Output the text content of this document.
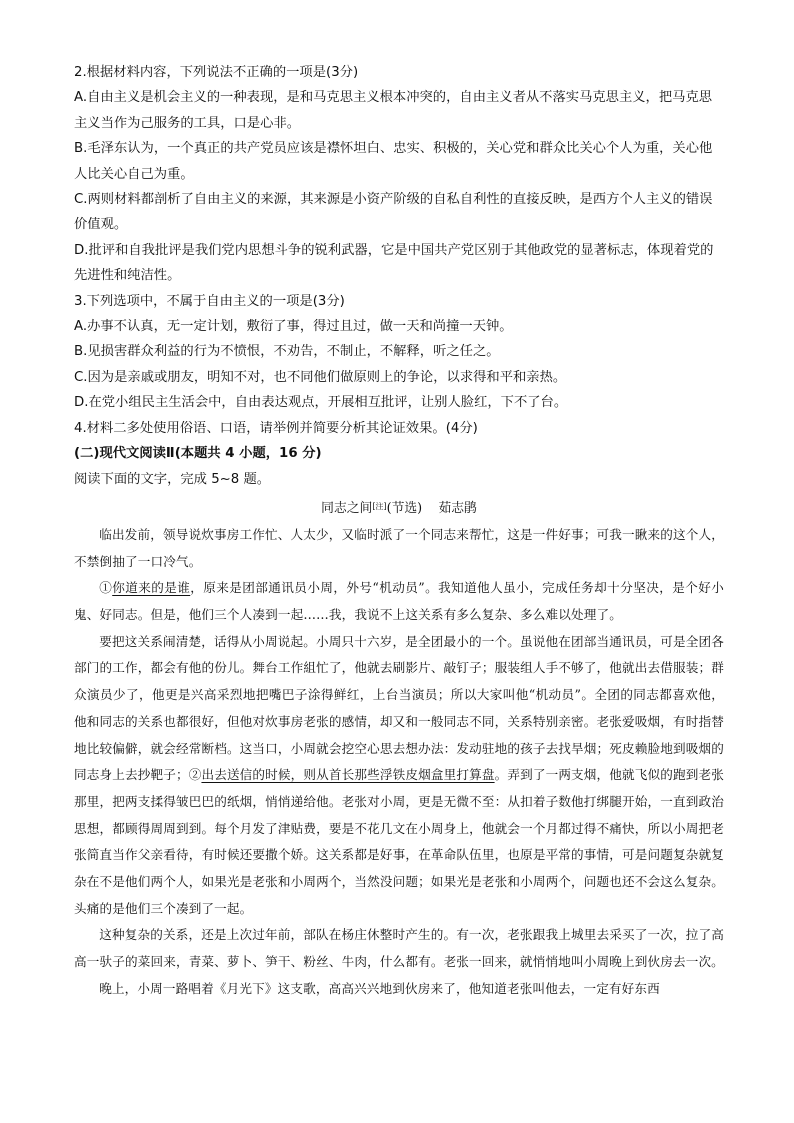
2.根据材料内容，下列说法不正确的一项是(3分)

A.自由主义是机会主义的一种表现，是和马克思主义根本冲突的，自由主义者从不落实马克思主义，把马克思主义当作为己服务的工具，口是心非。

B.毛泽东认为，一个真正的共产党员应该是襟怀坦白、忠实、积极的，关心党和群众比关心个人为重，关心他人比关心自己为重。

C.两则材料都剖析了自由主义的来源，其来源是小资产阶级的自私自利性的直接反映，是西方个人主义的错误价值观。

D.批评和自我批评是我们党内思想斗争的锐利武器，它是中国共产党区别于其他政党的显著标志，体现着党的先进性和纯洁性。

3.下列选项中，不属于自由主义的一项是(3分)

A.办事不认真，无一定计划，敷衍了事，得过且过，做一天和尚撞一天钟。

B.见损害群众利益的行为不愤恨，不劝告，不制止，不解释，听之任之。

C.因为是亲戚或朋友，明知不对，也不同他们做原则上的争论，以求得和平和亲热。

D.在党小组民主生活会中，自由表达观点，开展相互批评，让别人脸红，下不了台。

4.材料二多处使用俗语、口语，请举例并简要分析其论证效果。(4分)

(二)现代文阅读Ⅱ(本题共 4 小题，16 分)

阅读下面的文字，完成 5~8 题。

同志之间[注](节选) 茹志鹃

临出发前，领导说炊事房工作忙、人太少，又临时派了一个同志来帮忙，这是一件好事；可我一瞅来的这个人，不禁倒抽了一口冷气。

①你道来的是谁，原来是团部通讯员小周，外号“机动员”。我知道他人虽小，完成任务却十分坚决，是个好小鬼、好同志。但是，他们三个人凑到一起……我，我说不上这关系有多么复杂、多么难以处理了。

要把这关系闹清楚，话得从小周说起。小周只十六岁，是全团最小的一个。虽说他在团部当通讯员，可是全团各部门的工作，都会有他的份儿。舞台工作組忙了，他就去刷影片、敲钉子；服装组人手不够了，他就出去借服装；群众演员少了，他更是兴高采烈地把嘴巴子涂得鲜红，上台当演员；所以大家叫他“机动员”。全团的同志都喜欢他，他和同志的关系也都很好，但他对炊事房老张的感情，却又和一般同志不同，关系特别亲密。老张爱吸烟，有时指替地比较偏僻，就会经常断档。这当口，小周就会挖空心思去想办法：发动驻地的孩子去找旱烟；死皮赖脸地到吸烟的同志身上去抄靶子；②出去送信的时候，则从首长那些浮铁皮烟盒里打算盘。弄到了一两支烟，他就飞似的跑到老张那里，把两支揉得皱巴巴的纸烟，悄悄递给他。老张对小周，更是无微不至：从扣着子数他打绑腿开始，一直到政治思想，都顾得周周到到。每个月发了津贴费，要是不花几文在小周身上，他就会一个月都过得不痛快，所以小周把老张简直当作父亲看待，有时候还要撒个娇。这关系都是好事，在革命队伍里，也原是平常的事情，可是问题复杂就复杂在不是他们两个人，如果光是老张和小周两个，当然没问题；如果光是老张和小周两个，问题也还不会这么复杂。头痛的是他们三个凑到了一起。

这种复杂的关系，还是上次过年前，部队在杨庄休整时产生的。有一次，老张跟我上城里去采买了一次，拉了高高一驮子的菜回来，青菜、萝卜、笋干、粉丝、牛肉，什么都有。老张一回来，就悄悄地叫小周晚上到伙房去一次。

晚上，小周一路唱着《月光下》这支歌，高高兴兴地到伙房来了，他知道老张叫他去，一定有好东西
